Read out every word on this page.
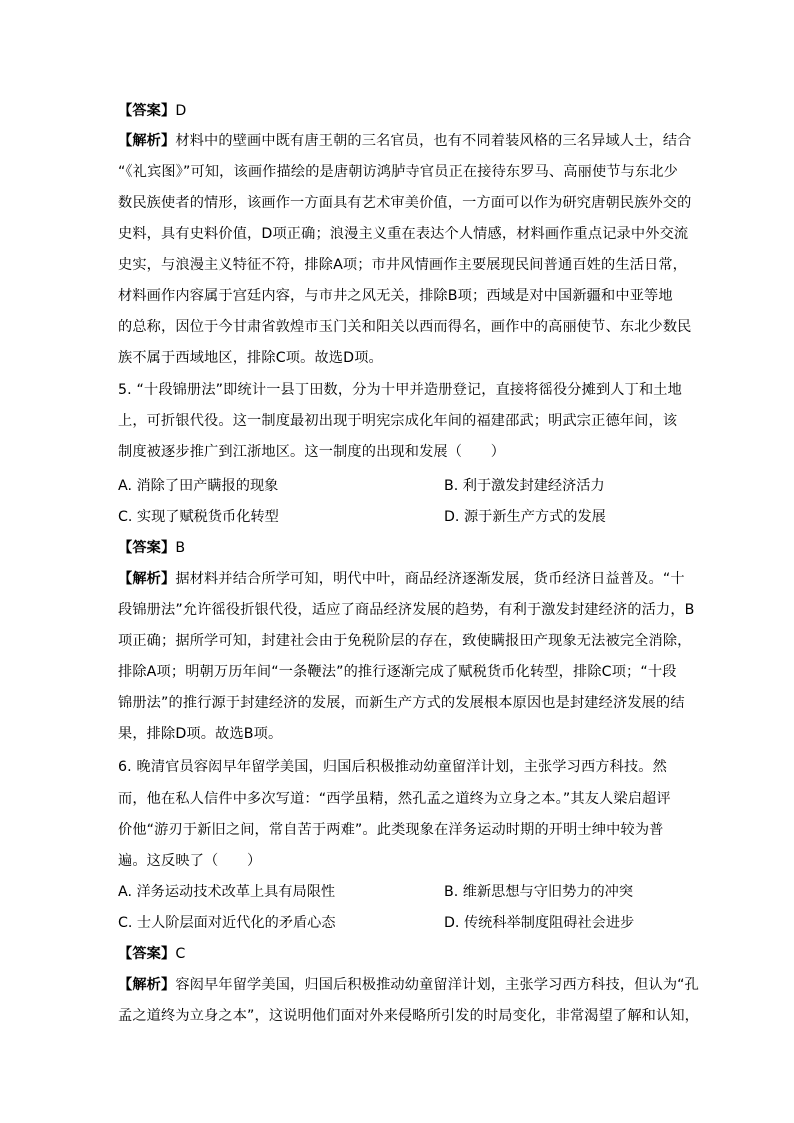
【答案】D
【解析】材料中的壁画中既有唐王朝的三名官员，也有不同着装风格的三名异域人士，结合
“《礼宾图》”可知，该画作描绘的是唐朝访鸿胪寺官员正在接待东罗马、高丽使节与东北少
数民族使者的情形，该画作一方面具有艺术审美价值，一方面可以作为研究唐朝民族外交的
史料，具有史料价值，D项正确；浪漫主义重在表达个人情感，材料画作重点记录中外交流
史实，与浪漫主义特征不符，排除A项；市井风情画作主要展现民间普通百姓的生活日常，
材料画作内容属于宫廷内容，与市井之风无关，排除B项；西域是对中国新疆和中亚等地
的总称，因位于今甘肃省敦煌市玉门关和阳关以西而得名，画作中的高丽使节、东北少数民
族不属于西域地区，排除C项。故选D项。
5. “十段锦册法”即统计一县丁田数，分为十甲并造册登记，直接将徭役分摊到人丁和土地
上，可折银代役。这一制度最初出现于明宪宗成化年间的福建邵武；明武宗正德年间，该
制度被逐步推广到江浙地区。这一制度的出现和发展（　　）
A. 消除了田产瞒报的现象	B. 利于激发封建经济活力
C. 实现了赋税货币化转型	D. 源于新生产方式的发展
【答案】B
【解析】据材料并结合所学可知，明代中叶，商品经济逐渐发展，货币经济日益普及。“十
段锦册法”允许徭役折银代役，适应了商品经济发展的趋势，有利于激发封建经济的活力，B
项正确；据所学可知，封建社会由于免税阶层的存在，致使瞒报田产现象无法被完全消除，
排除A项；明朝万历年间“一条鞭法”的推行逐渐完成了赋税货币化转型，排除C项；“十段
锦册法”的推行源于封建经济的发展，而新生产方式的发展根本原因也是封建经济发展的结
果，排除D项。故选B项。
6. 晚清官员容闳早年留学美国，归国后积极推动幼童留洋计划，主张学习西方科技。然
而，他在私人信件中多次写道：“西学虽精，然孔孟之道终为立身之本。”其友人梁启超评
价他“游刃于新旧之间，常自苦于两难”。此类现象在洋务运动时期的开明士绅中较为普
遍。这反映了（　　）
A. 洋务运动技术改革上具有局限性	B. 维新思想与守旧势力的冲突
C. 士人阶层面对近代化的矛盾心态	D. 传统科举制度阻碍社会进步
【答案】C
【解析】容闳早年留学美国，归国后积极推动幼童留洋计划，主张学习西方科技，但认为“孔
孟之道终为立身之本”，这说明他们面对外来侵略所引发的时局变化，非常渴望了解和认知，
